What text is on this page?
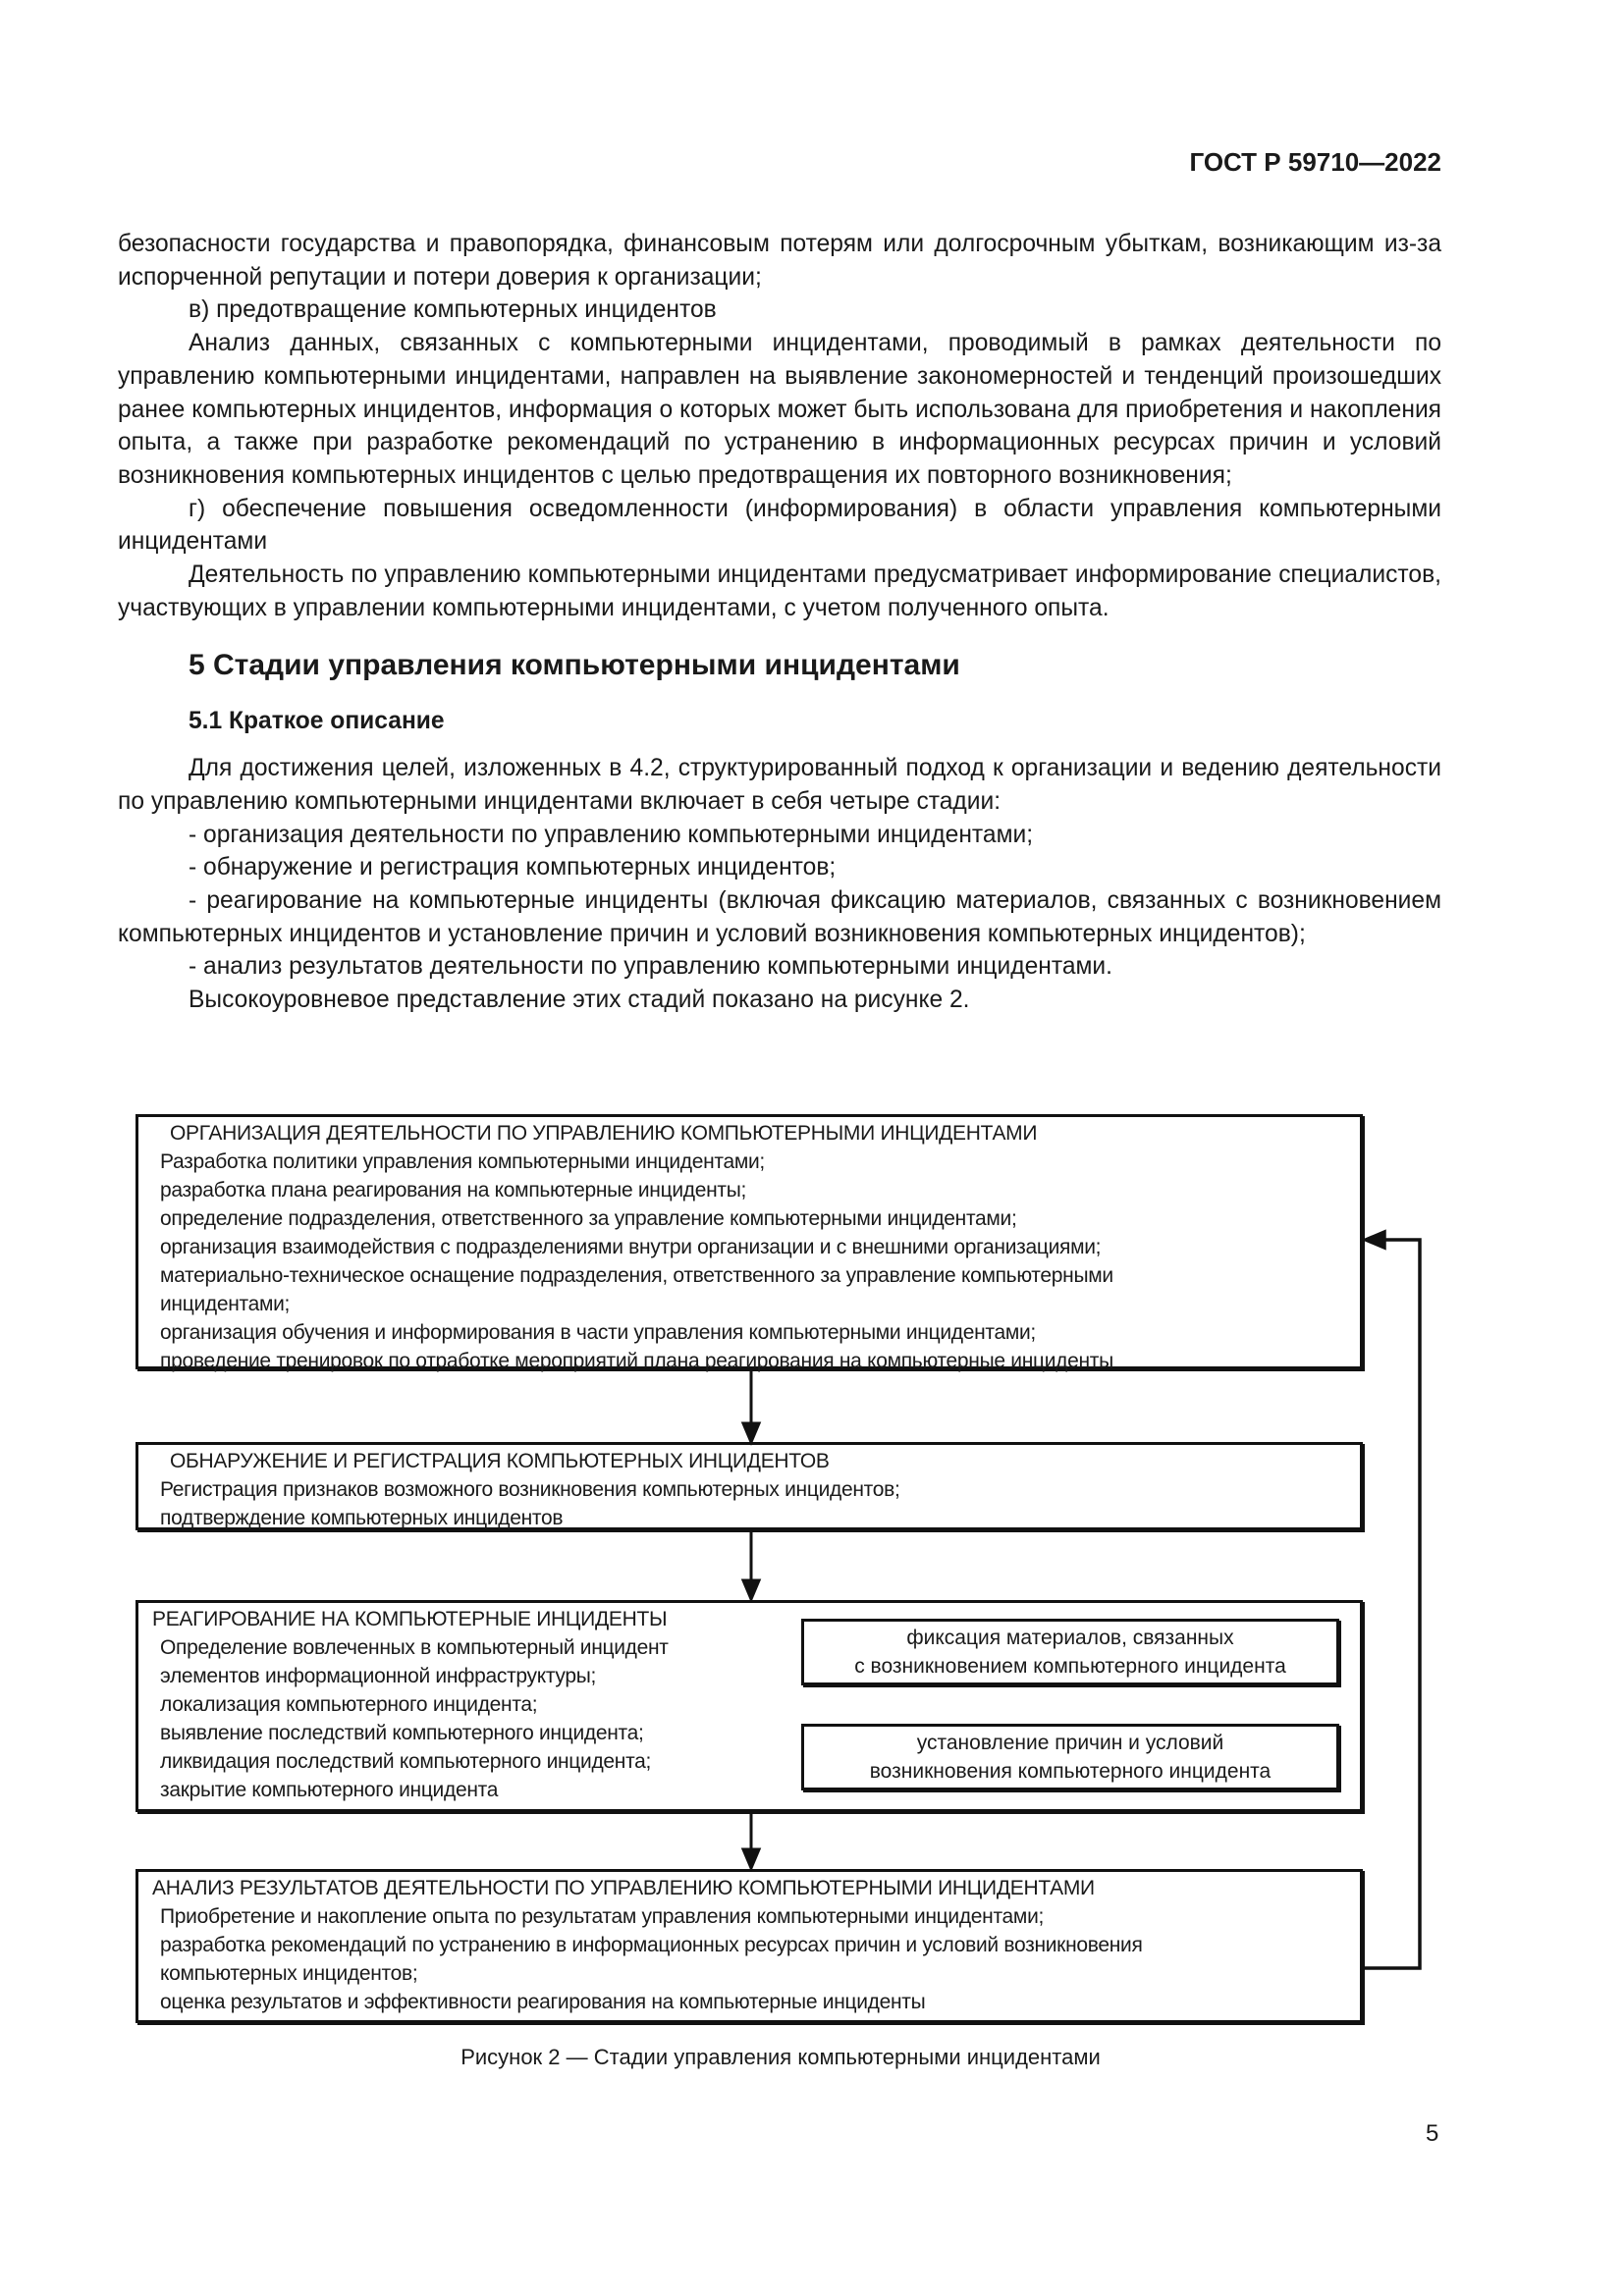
ГОСТ Р 59710—2022

безопасности государства и правопорядка, финансовым потерям или долгосрочным убыткам, возникающим из-за испорченной репутации и потери доверия к организации;

в) предотвращение компьютерных инцидентов

Анализ данных, связанных с компьютерными инцидентами, проводимый в рамках деятельности по управлению компьютерными инцидентами, направлен на выявление закономерностей и тенденций произошедших ранее компьютерных инцидентов, информация о которых может быть использована для приобретения и накопления опыта, а также при разработке рекомендаций по устранению в информационных ресурсах причин и условий возникновения компьютерных инцидентов с целью предотвращения их повторного возникновения;

г) обеспечение повышения осведомленности (информирования) в области управления компьютерными инцидентами

Деятельность по управлению компьютерными инцидентами предусматривает информирование специалистов, участвующих в управлении компьютерными инцидентами, с учетом полученного опыта.

5 Стадии управления компьютерными инцидентами

5.1 Краткое описание

Для достижения целей, изложенных в 4.2, структурированный подход к организации и ведению деятельности по управлению компьютерными инцидентами включает в себя четыре стадии:

- организация деятельности по управлению компьютерными инцидентами;

- обнаружение и регистрация компьютерных инцидентов;

- реагирование на компьютерные инциденты (включая фиксацию материалов, связанных с возникновением компьютерных инцидентов и установление причин и условий возникновения компьютерных инцидентов);

- анализ результатов деятельности по управлению компьютерными инцидентами.

Высокоуровневое представление этих стадий показано на рисунке 2.

ОРГАНИЗАЦИЯ ДЕЯТЕЛЬНОСТИ ПО УПРАВЛЕНИЮ КОМПЬЮТЕРНЫМИ ИНЦИДЕНТАМИ
Разработка политики управления компьютерными инцидентами;
разработка плана реагирования на компьютерные инциденты;
определение подразделения, ответственного за управление компьютерными инцидентами;
организация взаимодействия с подразделениями внутри организации и с внешними организациями;
материально-техническое оснащение подразделения, ответственного за управление компьютерными
инцидентами;
организация обучения и информирования в части управления компьютерными инцидентами;
проведение тренировок по отработке мероприятий плана реагирования на компьютерные инциденты
ОБНАРУЖЕНИЕ И РЕГИСТРАЦИЯ КОМПЬЮТЕРНЫХ ИНЦИДЕНТОВ
Регистрация признаков возможного возникновения компьютерных инцидентов;
подтверждение компьютерных инцидентов
РЕАГИРОВАНИЕ НА КОМПЬЮТЕРНЫЕ ИНЦИДЕНТЫ
Определение вовлеченных в компьютерный инцидент
элементов информационной инфраструктуры;
локализация компьютерного инцидента;
выявление последствий компьютерного инцидента;
ликвидация последствий компьютерного инцидента;
закрытие компьютерного инцидента
фиксация материалов, связанных
с возникновением компьютерного инцидента
установление причин и условий
возникновения компьютерного инцидента
АНАЛИЗ РЕЗУЛЬТАТОВ ДЕЯТЕЛЬНОСТИ ПО УПРАВЛЕНИЮ КОМПЬЮТЕРНЫМИ ИНЦИДЕНТАМИ
Приобретение и накопление опыта по результатам управления компьютерными инцидентами;
разработка рекомендаций по устранению в информационных ресурсах причин и условий возникновения
компьютерных инцидентов;
оценка результатов и эффективности реагирования на компьютерные инциденты
Рисунок 2 — Стадии управления компьютерными инцидентами
5
